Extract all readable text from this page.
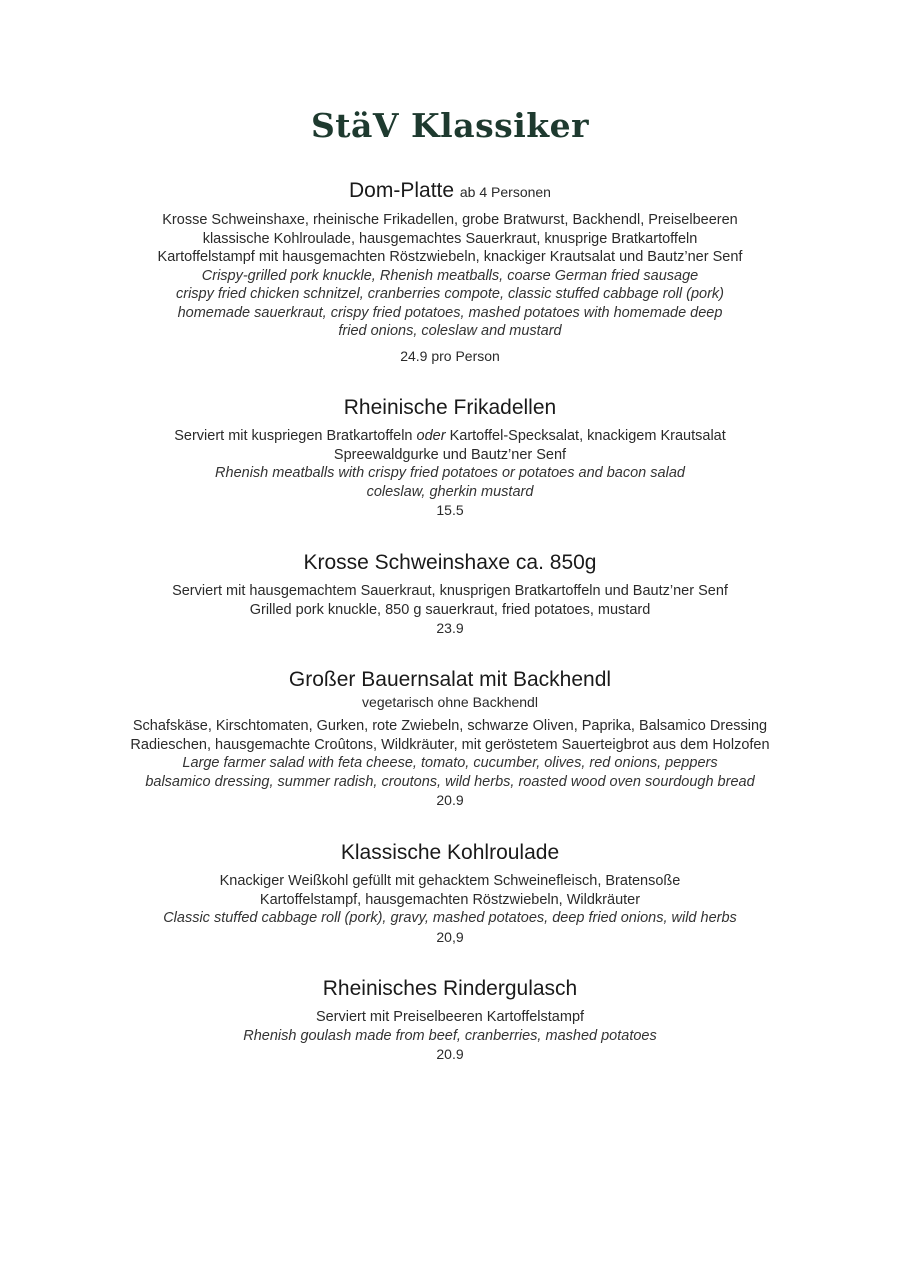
StäV Klassiker
Dom-Platte ab 4 Personen
Krosse Schweinshaxe, rheinische Frikadellen, grobe Bratwurst, Backhendl, Preiselbeeren
klassische Kohlroulade, hausgemachtes Sauerkraut, knusprige Bratkartoffeln
Kartoffelstampf mit hausgemachten Röstzwiebeln, knackiger Krautsalat und Bautz’ner Senf
Crispy-grilled pork knuckle, Rhenish meatballs, coarse German fried sausage
crispy fried chicken schnitzel, cranberries compote, classic stuffed cabbage roll (pork)
homemade sauerkraut, crispy fried potatoes, mashed potatoes with homemade deep
fried onions, coleslaw and mustard
24.9 pro Person
Rheinische Frikadellen
Serviert mit kuspriegen Bratkartoffeln oder Kartoffel-Specksalat, knackigem Krautsalat
Spreewaldgurke und Bautz’ner Senf
Rhenish meatballs with crispy fried potatoes or potatoes and bacon salad
coleslaw, gherkin mustard
15.5
Krosse Schweinshaxe ca. 850g
Serviert mit hausgemachtem Sauerkraut, knusprigen Bratkartoffeln und Bautz’ner Senf
Grilled pork knuckle, 850 g sauerkraut, fried potatoes, mustard
23.9
Großer Bauernsalat mit Backhendl
vegetarisch ohne Backhendl
Schafskäse, Kirschtomaten, Gurken, rote Zwiebeln, schwarze Oliven, Paprika, Balsamico Dressing
Radieschen, hausgemachte Croûtons, Wildkräuter, mit geröstetem Sauerteigbrot aus dem Holzofen
Large farmer salad with feta cheese, tomato, cucumber, olives, red onions, peppers
balsamico dressing, summer radish, croutons, wild herbs, roasted wood oven sourdough bread
20.9
Klassische Kohlroulade
Knackiger Weißkohl gefüllt mit gehacktem Schweinefleisch, Bratensoße
Kartoffelstampf, hausgemachten Röstzwiebeln, Wildkräuter
Classic stuffed cabbage roll (pork), gravy, mashed potatoes, deep fried onions, wild herbs
20,9
Rheinisches Rindergulasch
Serviert mit Preiselbeeren Kartoffelstampf
Rhenish goulash made from beef, cranberries, mashed potatoes
20.9
